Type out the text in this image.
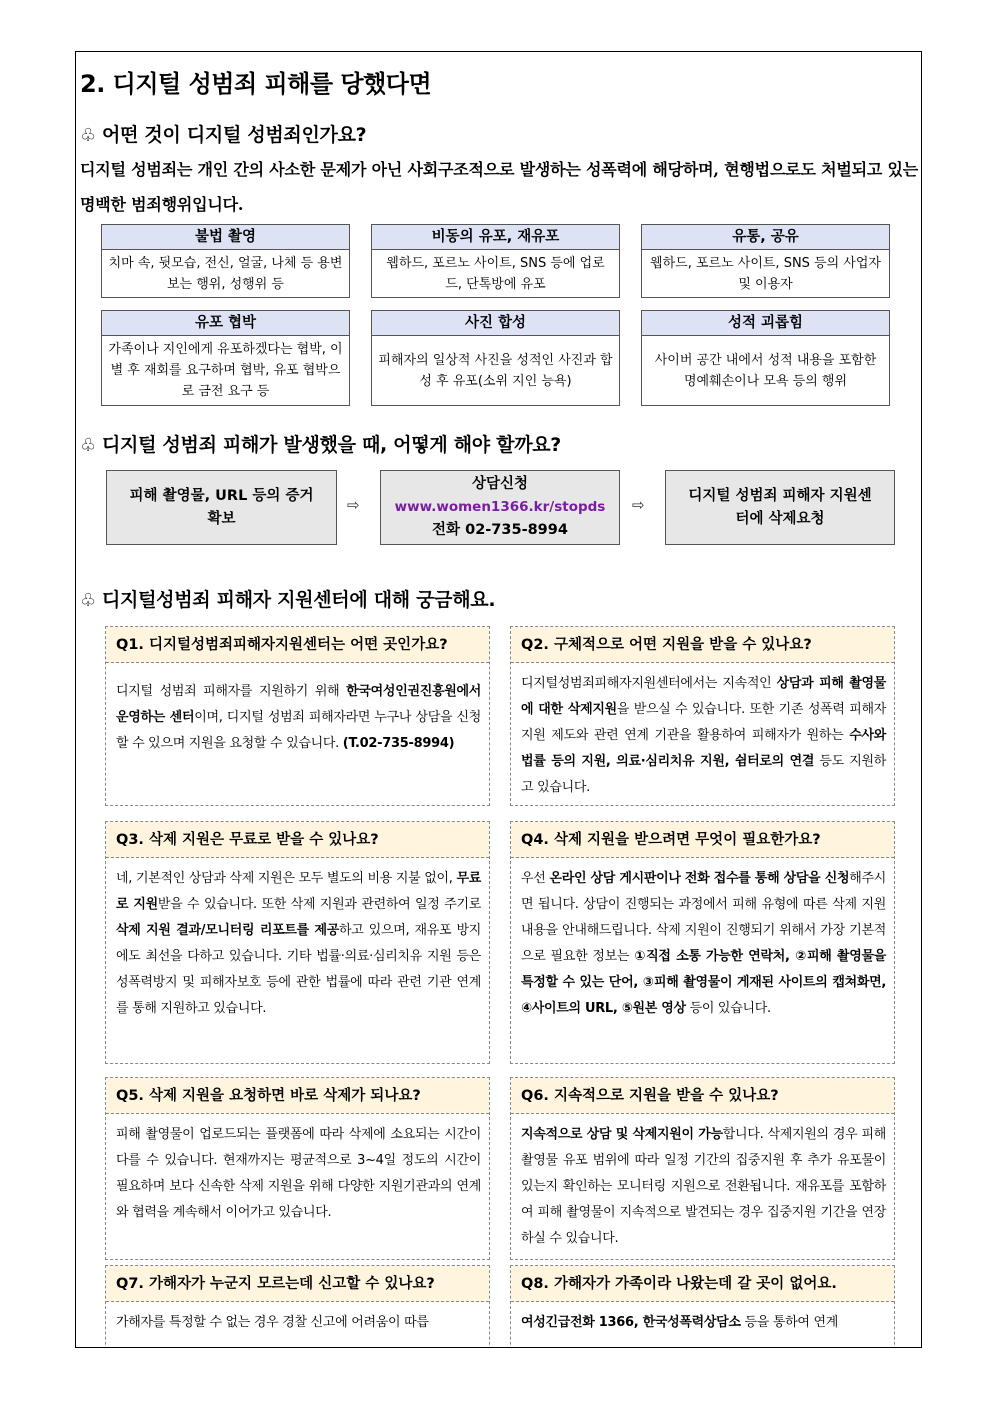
2. 디지털 성범죄 피해를 당했다면
♧ 어떤 것이 디지털 성범죄인가요?
디지털 성범죄는 개인 간의 사소한 문제가 아닌 사회구조적으로 발생하는 성폭력에 해당하며, 현행법으로도 처벌되고 있는 명백한 범죄행위입니다.
불법 촬영
치마 속, 뒷모습, 전신, 얼굴, 나체 등 용변보는 행위, 성행위 등
비동의 유포, 재유포
웹하드, 포르노 사이트, SNS 등에 업로드, 단톡방에 유포
유통, 공유
웹하드, 포르노 사이트, SNS 등의 사업자 및 이용자
유포 협박
가족이나 지인에게 유포하겠다는 협박, 이별 후 재회를 요구하며 협박, 유포 협박으로 금전 요구 등
사진 합성
피해자의 일상적 사진을 성적인 사진과 합성 후 유포(소위 지인 능욕)
성적 괴롭힘
사이버 공간 내에서 성적 내용을 포함한 명예훼손이나 모욕 등의 행위
♧ 디지털 성범죄 피해가 발생했을 때, 어떻게 해야 할까요?
피해 촬영물, URL 등의 증거 확보
⇨
상담신청
www.women1366.kr/stopds
전화 02-735-8994
⇨
디지털 성범죄 피해자 지원센터에 삭제요청
♧ 디지털성범죄 피해자 지원센터에 대해 궁금해요.
Q1. 디지털성범죄피해자지원센터는 어떤 곳인가요?
디지털 성범죄 피해자를 지원하기 위해 한국여성인권진흥원에서 운영하는 센터이며, 디지털 성범죄 피해자라면 누구나 상담을 신청할 수 있으며 지원을 요청할 수 있습니다. (T.02-735-8994)
Q2. 구체적으로 어떤 지원을 받을 수 있나요?
디지털성범죄피해자지원센터에서는 지속적인 상담과 피해 촬영물에 대한 삭제지원을 받으실 수 있습니다. 또한 기존 성폭력 피해자 지원 제도와 관련 연계 기관을 활용하여 피해자가 원하는 수사와 법률 등의 지원, 의료·심리치유 지원, 쉼터로의 연결 등도 지원하고 있습니다.
Q3. 삭제 지원은 무료로 받을 수 있나요?
네, 기본적인 상담과 삭제 지원은 모두 별도의 비용 지불 없이, 무료로 지원받을 수 있습니다. 또한 삭제 지원과 관련하여 일정 주기로 삭제 지원 결과/모니터링 리포트를 제공하고 있으며, 재유포 방지에도 최선을 다하고 있습니다. 기타 법률·의료·심리치유 지원 등은 성폭력방지 및 피해자보호 등에 관한 법률에 따라 관련 기관 연계를 통해 지원하고 있습니다.
Q4. 삭제 지원을 받으려면 무엇이 필요한가요?
우선 온라인 상담 게시판이나 전화 접수를 통해 상담을 신청해주시면 됩니다. 상담이 진행되는 과정에서 피해 유형에 따른 삭제 지원 내용을 안내해드립니다. 삭제 지원이 진행되기 위해서 가장 기본적으로 필요한 정보는 ①직접 소통 가능한 연락처, ②피해 촬영물을 특정할 수 있는 단어, ③피해 촬영물이 게재된 사이트의 캡쳐화면, ④사이트의 URL, ⑤원본 영상 등이 있습니다.
Q5. 삭제 지원을 요청하면 바로 삭제가 되나요?
피해 촬영물이 업로드되는 플랫폼에 따라 삭제에 소요되는 시간이 다를 수 있습니다. 현재까지는 평균적으로 3~4일 정도의 시간이 필요하며 보다 신속한 삭제 지원을 위해 다양한 지원기관과의 연계와 협력을 계속해서 이어가고 있습니다.
Q6. 지속적으로 지원을 받을 수 있나요?
지속적으로 상담 및 삭제지원이 가능합니다. 삭제지원의 경우 피해 촬영물 유포 범위에 따라 일정 기간의 집중지원 후 추가 유포물이 있는지 확인하는 모니터링 지원으로 전환됩니다. 재유포를 포함하여 피해 촬영물이 지속적으로 발견되는 경우 집중지원 기간을 연장하실 수 있습니다.
Q7. 가해자가 누군지 모르는데 신고할 수 있나요?
가해자를 특정할 수 없는 경우 경찰 신고에 어려움이 따릅
Q8. 가해자가 가족이라 나왔는데 갈 곳이 없어요.
여성긴급전화 1366, 한국성폭력상담소 등을 통하여 연계
